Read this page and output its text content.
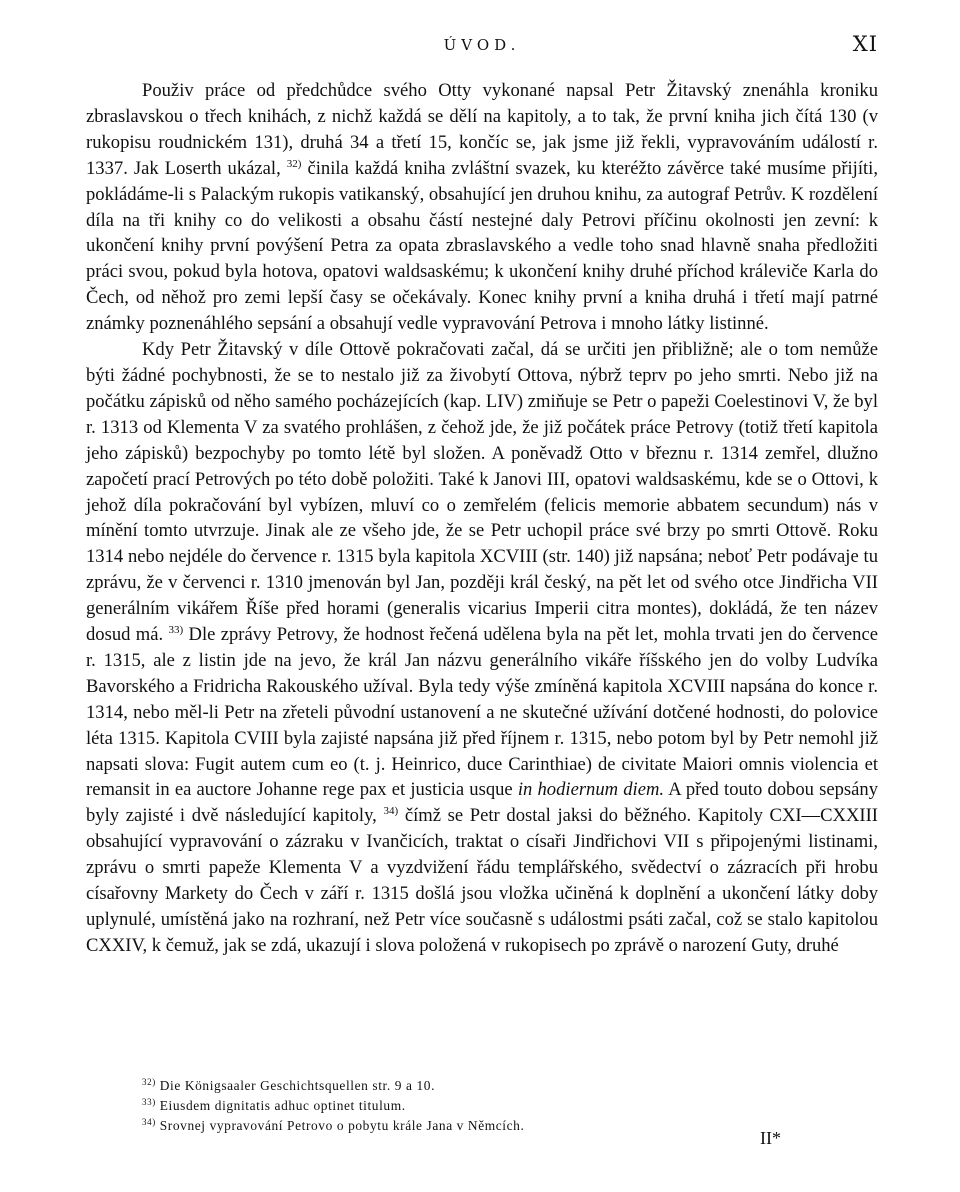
ÚVOD.	XI

Použiv práce od předchůdce svého Otty vykonané napsal Petr Žitavský znenáhla kroniku zbraslavskou o třech knihách, z nichž každá se dělí na kapitoly, a to tak, že první kniha jich čítá 130 (v rukopisu roudnickém 131), druhá 34 a třetí 15, končíc se, jak jsme již řekli, vypravováním událostí r. 1337. Jak Loserth ukázal, $^{32)}$ činila každá kniha zvláštní svazek, ku kteréžto závěrce také musíme přijíti, pokládáme-li s Palackým rukopis vatikanský, obsahující jen druhou knihu, za autograf Petrův. K rozdělení díla na tři knihy co do velikosti a obsahu částí nestejné daly Petrovi příčinu okolnosti jen zevní: k ukončení knihy první povýšení Petra za opata zbraslavského a vedle toho snad hlavně snaha předložiti práci svou, pokud byla hotova, opatovi waldsaskému; k ukončení knihy druhé příchod králeviče Karla do Čech, od něhož pro zemi lepší časy se očekávaly. Konec knihy první a kniha druhá i třetí mají patrné známky poznenáhlého sepsání a obsahují vedle vypravování Petrova i mnoho látky listinné.

Kdy Petr Žitavský v díle Ottově pokračovati začal, dá se určiti jen přibližně; ale o tom nemůže býti žádné pochybnosti, že se to nestalo již za živobytí Ottova, nýbrž teprv po jeho smrti. Nebo již na počátku zápisků od něho samého pocházejících (kap. LIV) zmiňuje se Petr o papeži Coelestinovi V, že byl r. 1313 od Klementa V za svatého prohlášen, z čehož jde, že již počátek práce Petrovy (totiž třetí kapitola jeho zápisků) bezpochyby po tomto létě byl složen. A poněvadž Otto v březnu r. 1314 zemřel, dlužno započetí prací Petrových po této době položiti. Také k Janovi III, opatovi waldsaskému, kde se o Ottovi, k jehož díla pokračování byl vybízen, mluví co o zemřelém (felicis memorie abbatem secundum) nás v mínění tomto utvrzuje. Jinak ale ze všeho jde, že se Petr uchopil práce své brzy po smrti Ottově. Roku 1314 nebo nejdéle do července r. 1315 byla kapitola XCVIII (str. 140) již napsána; neboť Petr podávaje tu zprávu, že v červenci r. 1310 jmenován byl Jan, později král český, na pět let od svého otce Jindřicha VII generálním vikářem Říše před horami (generalis vicarius Imperii citra montes), dokládá, že ten název dosud má. $^{33)}$ Dle zprávy Petrovy, že hodnost řečená udělena byla na pět let, mohla trvati jen do července r. 1315, ale z listin jde na jevo, že král Jan názvu generálního vikáře říšského jen do volby Ludvíka Bavorského a Fridricha Rakouského užíval. Byla tedy výše zmíněná kapitola XCVIII napsána do konce r. 1314, nebo měl-li Petr na zřeteli původní ustanovení a ne skutečné užívání dotčené hodnosti, do polovice léta 1315. Kapitola CVIII byla zajisté napsána již před říjnem r. 1315, nebo potom byl by Petr nemohl již napsati slova: Fugit autem cum eo (t. j. Heinrico, duce Carinthiae) de civitate Maiori omnis violencia et remansit in ea auctore Johanne rege pax et justicia usque in hodiernum diem. A před touto dobou sepsány byly zajisté i dvě následující kapitoly, $^{34)}$ čímž se Petr dostal jaksi do běžného. Kapitoly CXI—CXXIII obsahující vypravování o zázraku v Ivančicích, traktat o císaři Jindřichovi VII s připojenými listinami, zprávu o smrti papeže Klementa V a vyzdvižení řádu templářského, svědectví o zázracích při hrobu císařovny Markety do Čech v září r. 1315 došlá jsou vložka učiněná k doplnění a ukončení látky doby uplynulé, umístěná jako na rozhraní, než Petr více současně s událostmi psáti začal, což se stalo kapitolou CXXIV, k čemuž, jak se zdá, ukazují i slova položená v rukopisech po zprávě o narození Guty, druhé

$^{32)}$ Die Königsaaler Geschichtsquellen str. 9 a 10.
$^{33)}$ Eiusdem dignitatis adhuc optinet titulum.
$^{34)}$ Srovnej vypravování Petrovo o pobytu krále Jana v Němcích.
II*
